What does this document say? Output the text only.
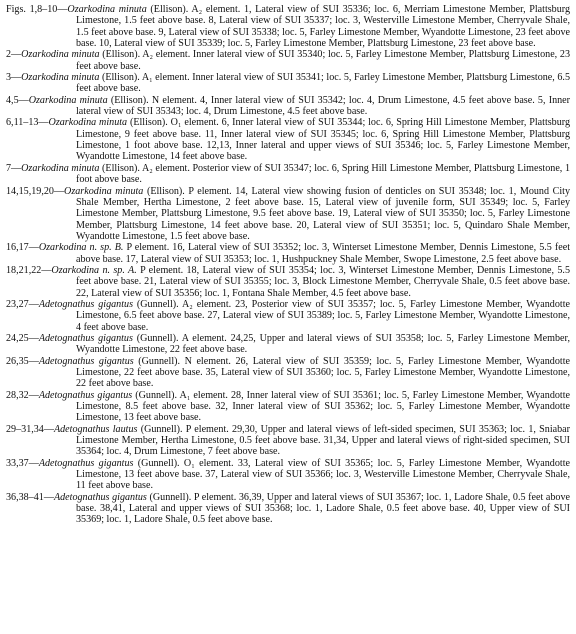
Figs. 1,8–10—Ozarkodina minuta (Ellison). A₂ element. 1, Lateral view of SUI 35336; loc. 6, Merriam Limestone Member, Plattsburg Limestone, 1.5 feet above base. 8, Lateral view of SUI 35337; loc. 3, Westerville Limestone Member, Cherryvale Shale, 1.5 feet above base. 9, Lateral view of SUI 35338; loc. 5, Farley Limestone Member, Wyandotte Limestone, 23 feet above base. 10, Lateral view of SUI 35339; loc. 5, Farley Limestone Member, Plattsburg Limestone, 23 feet above base.
2—Ozarkodina minuta (Ellison). A₂ element. Inner lateral view of SUI 35340; loc. 5, Farley Limestone Member, Plattsburg Limestone, 23 feet above base.
3—Ozarkodina minuta (Ellison). A₁ element. Inner lateral view of SUI 35341; loc. 5, Farley Limestone Member, Plattsburg Limestone, 6.5 feet above base.
4,5—Ozarkodina minuta (Ellison). N element. 4, Inner lateral view of SUI 35342; loc. 4, Drum Limestone, 4.5 feet above base. 5, Inner lateral view of SUI 35343; loc. 4, Drum Limestone, 4.5 feet above base.
6,11–13—Ozarkodina minuta (Ellison). O₁ element. 6, Inner lateral view of SUI 35344; loc. 6, Spring Hill Limestone Member, Plattsburg Limestone, 9 feet above base. 11, Inner lateral view of SUI 35345; loc. 6, Spring Hill Limestone Member, Plattsburg Limestone, 1 foot above base. 12,13, Inner lateral and upper views of SUI 35346; loc. 5, Farley Limestone Member, Wyandotte Limestone, 14 feet above base.
7—Ozarkodina minuta (Ellison). A₂ element. Posterior view of SUI 35347; loc. 6, Spring Hill Limestone Member, Plattsburg Limestone, 1 foot above base.
14,15,19,20—Ozarkodina minuta (Ellison). P element. 14, Lateral view showing fusion of denticles on SUI 35348; loc. 1, Mound City Shale Member, Hertha Limestone, 2 feet above base. 15, Lateral view of juvenile form, SUI 35349; loc. 5, Farley Limestone Member, Plattsburg Limestone, 9.5 feet above base. 19, Lateral view of SUI 35350; loc. 5, Farley Limestone Member, Plattsburg Limestone, 14 feet above base. 20, Lateral view of SUI 35351; loc. 5, Quindaro Shale Member, Wyandotte Limestone, 1.5 feet above base.
16,17—Ozarkodina n. sp. B. P element. 16, Lateral view of SUI 35352; loc. 3, Winterset Limestone Member, Dennis Limestone, 5.5 feet above base. 17, Lateral view of SUI 35353; loc. 1, Hushpuckney Shale Member, Swope Limestone, 2.5 feet above base.
18,21,22—Ozarkodina n. sp. A. P element. 18, Lateral view of SUI 35354; loc. 3, Winterset Limestone Member, Dennis Limestone, 5.5 feet above base. 21, Lateral view of SUI 35355; loc. 3, Block Limestone Member, Cherryvale Shale, 0.5 feet above base. 22, Lateral view of SUI 35356; loc. 1, Fontana Shale Member, 4.5 feet above base.
23,27—Adetognathus gigantus (Gunnell). A₂ element. 23, Posterior view of SUI 35357; loc. 5, Farley Limestone Member, Wyandotte Limestone, 6.5 feet above base. 27, Lateral view of SUI 35389; loc. 5, Farley Limestone Member, Wyandotte Limestone, 4 feet above base.
24,25—Adetognathus gigantus (Gunnell). A element. 24,25, Upper and lateral views of SUI 35358; loc. 5, Farley Limestone Member, Wyandotte Limestone, 22 feet above base.
26,35—Adetognathus gigantus (Gunnell). N element. 26, Lateral view of SUI 35359; loc. 5, Farley Limestone Member, Wyandotte Limestone, 22 feet above base. 35, Lateral view of SUI 35360; loc. 5, Farley Limestone Member, Wyandotte Limestone, 22 feet above base.
28,32—Adetognathus gigantus (Gunnell). A₁ element. 28, Inner lateral view of SUI 35361; loc. 5, Farley Limestone Member, Wyandotte Limestone, 8.5 feet above base. 32, Inner lateral view of SUI 35362; loc. 5, Farley Limestone Member, Wyandotte Limestone, 13 feet above base.
29–31,34—Adetognathus lautus (Gunnell). P element. 29,30, Upper and lateral views of left-sided specimen, SUI 35363; loc. 1, Sniabar Limestone Member, Hertha Limestone, 0.5 feet above base. 31,34, Upper and lateral views of right-sided specimen, SUI 35364; loc. 4, Drum Limestone, 7 feet above base.
33,37—Adetognathus gigantus (Gunnell). O₁ element. 33, Lateral view of SUI 35365; loc. 5, Farley Limestone Member, Wyandotte Limestone, 13 feet above base. 37, Lateral view of SUI 35366; loc. 3, Westerville Limestone Member, Cherryvale Shale, 11 feet above base.
36,38–41—Adetognathus gigantus (Gunnell). P element. 36,39, Upper and lateral views of SUI 35367; loc. 1, Ladore Shale, 0.5 feet above base. 38,41, Lateral and upper views of SUI 35368; loc. 1, Ladore Shale, 0.5 feet above base. 40, Upper view of SUI 35369; loc. 1, Ladore Shale, 0.5 feet above base.
